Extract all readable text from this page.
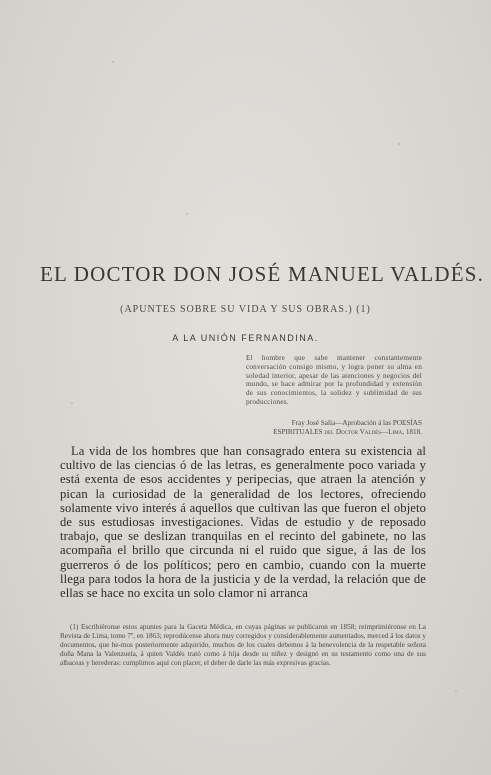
EL DOCTOR DON JOSÉ MANUEL VALDÉS.
(APUNTES SOBRE SU VIDA Y SUS OBRAS.) (1)
A LA UNIÓN FERNANDINA.
El hombre que sabe mantener constantemente conversación consigo mismo, y logra poner su alma en soledad interior, apesar de las atenciones y negocios del mundo, se hace admirar por la profundidad y extensión de sus conocimientos, la solidez y sublimidad de sus producciones.
Fray José Salia—Aprobación á las POESÍAS
ESPIRITUALES del Doctor Valdés—Lima, 1818.
La vida de los hombres que han consagrado entera su existencia al cultivo de las ciencias ó de las letras, es generalmente poco variada y está exenta de esos accidentes y peripecias, que atraen la atención y pican la curiosidad de la generalidad de los lectores, ofreciendo solamente vivo interés á aquellos que cultivan las que fueron el objeto de sus estudiosas investigaciones. Vidas de estudio y de reposado trabajo, que se deslizan tranquilas en el recinto del gabinete, no las acompaña el brillo que circunda ni el ruido que sigue, á las de los guerreros ó de los políticos; pero en cambio, cuando con la muerte llega para todos la hora de la justicia y de la verdad, la relación que de ellas se hace no excita un solo clamor ni arranca
(1) Escribiéronse estos apuntes para la Gaceta Médica, en cuyas páginas se publicaron en 1858; reimprimiéronse en La Revista de Lima, tomo 7º, en 1863; reprodúcense ahora muy corregidos y considerablemente aumentados, merced á los datos y documentos, que he-mos posteriormente adquirido, muchos de los cuales debemos á la benevolencia de la respetable señora doña Mana la Valenzuela, á quien Valdés trató como á hija desde su niñez y designó en su testamento como una de sus albaceas y herederas: cumplimos aquí con placer, el deber de darle las más expresivas gracias.
